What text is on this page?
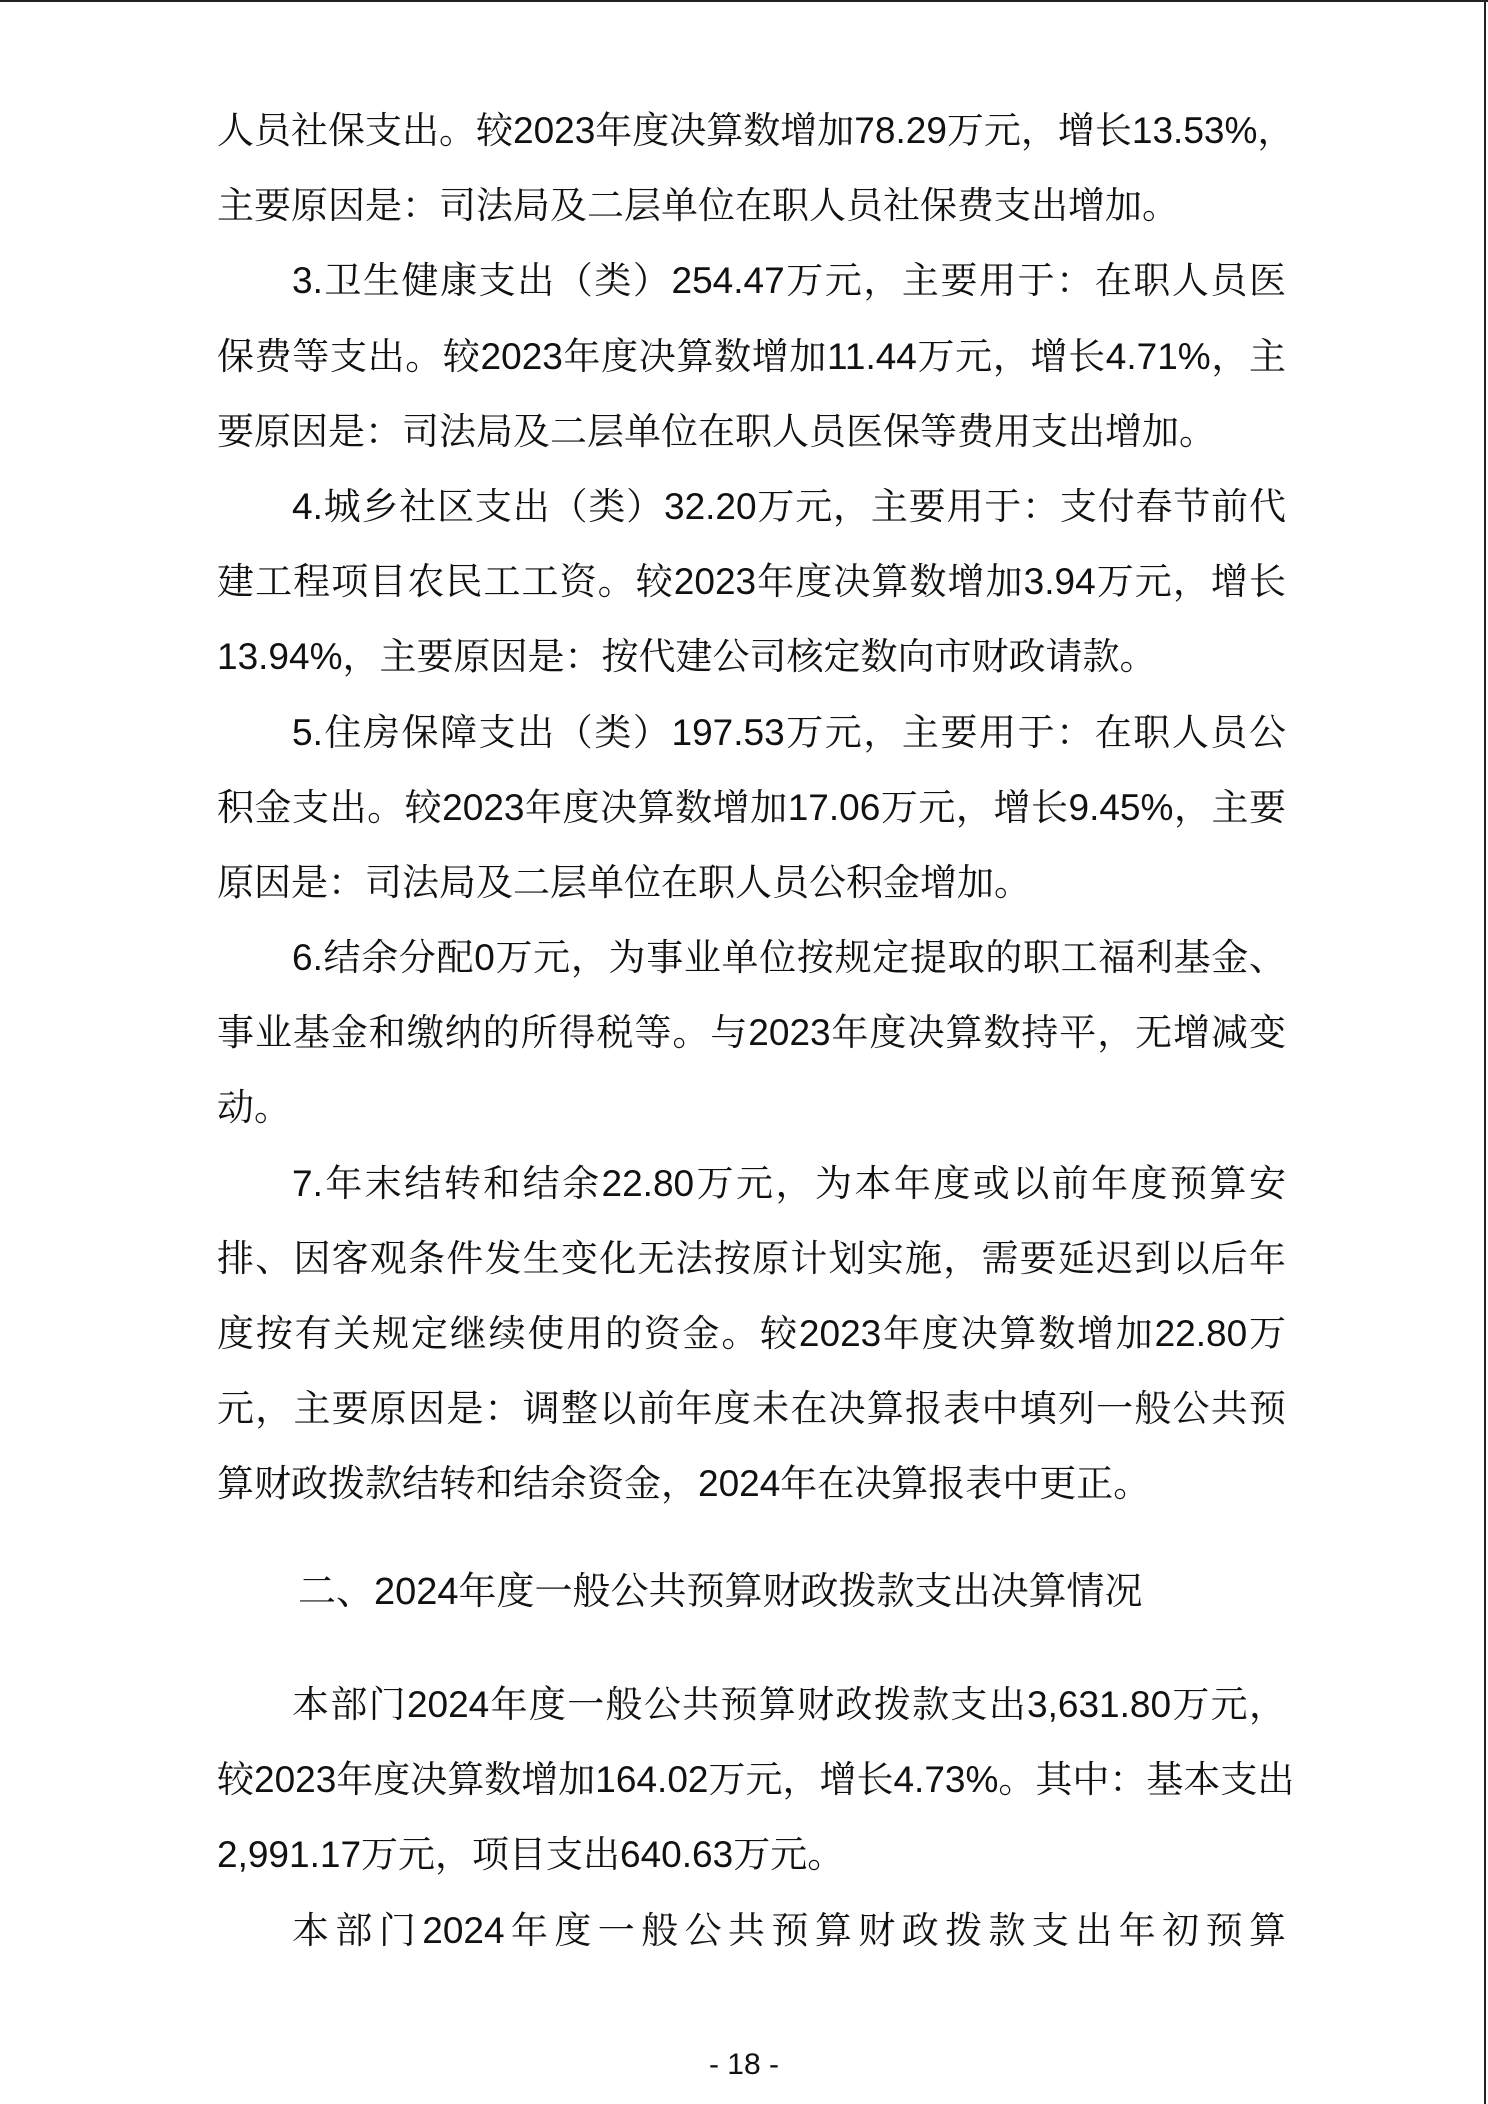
人员社保支出。较2023年度决算数增加78.29万元，增长13.53%，
主要原因是：司法局及二层单位在职人员社保费支出增加。
3.卫生健康支出（类）254.47万元，主要用于：在职人员医
保费等支出。较2023年度决算数增加11.44万元，增长4.71%，主
要原因是：司法局及二层单位在职人员医保等费用支出增加。
4.城乡社区支出（类）32.20万元，主要用于：支付春节前代
建工程项目农民工工资。较2023年度决算数增加3.94万元，增长
13.94%，主要原因是：按代建公司核定数向市财政请款。
5.住房保障支出（类）197.53万元，主要用于：在职人员公
积金支出。较2023年度决算数增加17.06万元，增长9.45%，主要
原因是：司法局及二层单位在职人员公积金增加。
6.结余分配0万元，为事业单位按规定提取的职工福利基金、
事业基金和缴纳的所得税等。与2023年度决算数持平，无增减变
动。
7.年末结转和结余22.80万元，为本年度或以前年度预算安
排、因客观条件发生变化无法按原计划实施，需要延迟到以后年
度按有关规定继续使用的资金。较2023年度决算数增加22.80万
元，主要原因是：调整以前年度未在决算报表中填列一般公共预
算财政拨款结转和结余资金，2024年在决算报表中更正。
二、2024年度一般公共预算财政拨款支出决算情况
本部门2024年度一般公共预算财政拨款支出3,631.80万元，
较2023年度决算数增加164.02万元，增长4.73%。其中：基本支出
2,991.17万元，项目支出640.63万元。
本部门2024年度一般公共预算财政拨款支出年初预算
- 18 -
